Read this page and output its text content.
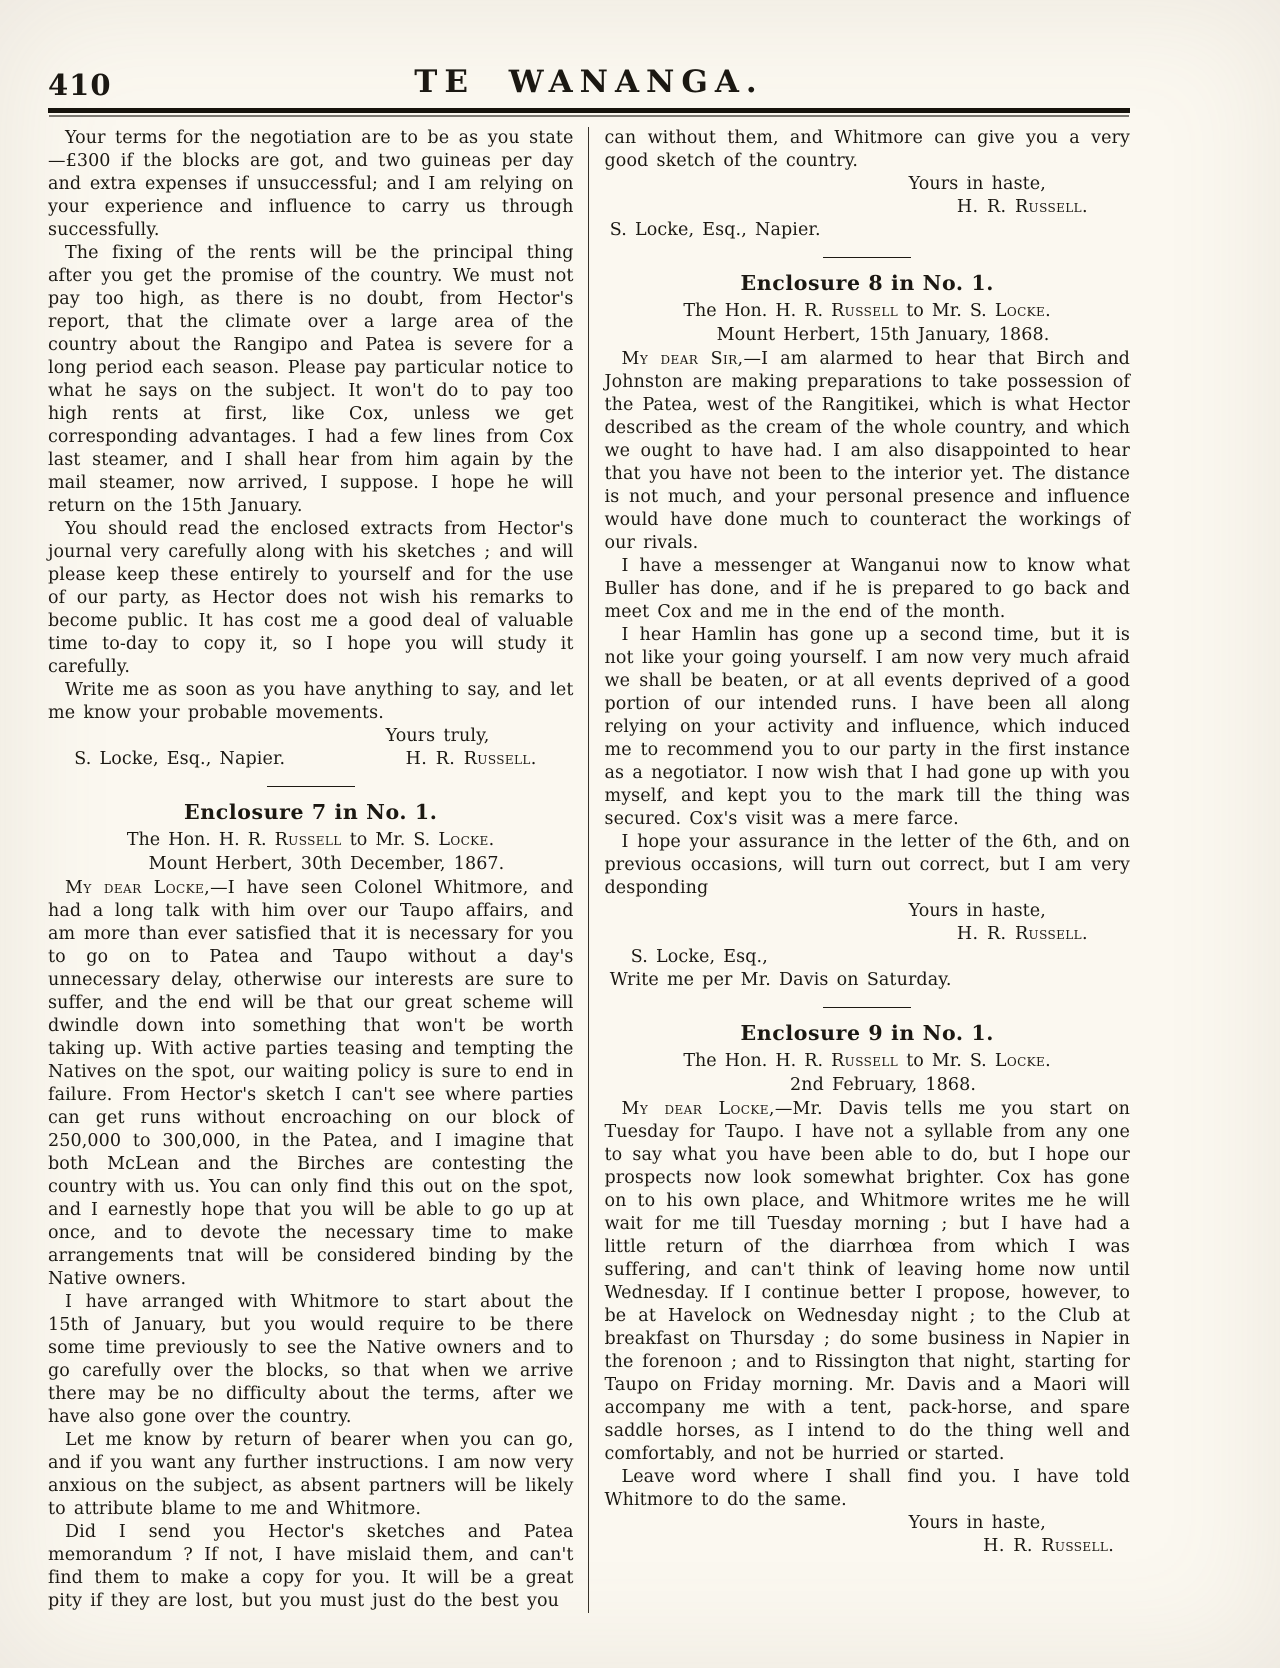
410	TE WANANGA.

Your terms for the negotiation are to be as you state—£300 if the blocks are got, and two guineas per day and extra expenses if unsuccessful; and I am relying on your experience and influence to carry us through successfully.

The fixing of the rents will be the principal thing after you get the promise of the country. We must not pay too high, as there is no doubt, from Hector's report, that the climate over a large area of the country about the Rangipo and Patea is severe for a long period each season. Please pay particular notice to what he says on the subject. It won't do to pay too high rents at first, like Cox, unless we get corresponding advantages. I had a few lines from Cox last steamer, and I shall hear from him again by the mail steamer, now arrived, I suppose. I hope he will return on the 15th January.

You should read the enclosed extracts from Hector's journal very carefully along with his sketches ; and will please keep these entirely to yourself and for the use of our party, as Hector does not wish his remarks to become public. It has cost me a good deal of valuable time to-day to copy it, so I hope you will study it carefully.

Write me as soon as you have anything to say, and let me know your probable movements.

Yours truly,

S. Locke, Esq., Napier.	H. R. Russell.
Enclosure 7 in No. 1.

The Hon. H. R. Russell to Mr. S. Locke.

Mount Herbert, 30th December, 1867.

My dear Locke,—I have seen Colonel Whitmore, and had a long talk with him over our Taupo affairs, and am more than ever satisfied that it is necessary for you to go on to Patea and Taupo without a day's unnecessary delay, otherwise our interests are sure to suffer, and the end will be that our great scheme will dwindle down into something that won't be worth taking up. With active parties teasing and tempting the Natives on the spot, our waiting policy is sure to end in failure. From Hector's sketch I can't see where parties can get runs without encroaching on our block of 250,000 to 300,000, in the Patea, and I imagine that both McLean and the Birches are contesting the country with us. You can only find this out on the spot, and I earnestly hope that you will be able to go up at once, and to devote the necessary time to make arrangements tnat will be considered binding by the Native owners.

I have arranged with Whitmore to start about the 15th of January, but you would require to be there some time previously to see the Native owners and to go carefully over the blocks, so that when we arrive there may be no difficulty about the terms, after we have also gone over the country.

Let me know by return of bearer when you can go, and if you want any further instructions. I am now very anxious on the subject, as absent partners will be likely to attribute blame to me and Whitmore.

Did I send you Hector's sketches and Patea memorandum ? If not, I have mislaid them, and can't find them to make a copy for you. It will be a great pity if they are lost, but you must just do the best you

can without them, and Whitmore can give you a very good sketch of the country.

Yours in haste,

H. R. Russell.

S. Locke, Esq., Napier.

Enclosure 8 in No. 1.

The Hon. H. R. Russell to Mr. S. Locke.

Mount Herbert, 15th January, 1868.

My dear Sir,—I am alarmed to hear that Birch and Johnston are making preparations to take possession of the Patea, west of the Rangitikei, which is what Hector described as the cream of the whole country, and which we ought to have had. I am also disappointed to hear that you have not been to the interior yet. The distance is not much, and your personal presence and influence would have done much to counteract the workings of our rivals.

I have a messenger at Wanganui now to know what Buller has done, and if he is prepared to go back and meet Cox and me in the end of the month.

I hear Hamlin has gone up a second time, but it is not like your going yourself. I am now very much afraid we shall be beaten, or at all events deprived of a good portion of our intended runs. I have been all along relying on your activity and influence, which induced me to recommend you to our party in the first instance as a negotiator. I now wish that I had gone up with you myself, and kept you to the mark till the thing was secured. Cox's visit was a mere farce.

I hope your assurance in the letter of the 6th, and on previous occasions, will turn out correct, but I am very desponding

Yours in haste,

H. R. Russell.

S. Locke, Esq.,

Write me per Mr. Davis on Saturday.

Enclosure 9 in No. 1.

The Hon. H. R. Russell to Mr. S. Locke.

2nd February, 1868.

My dear Locke,—Mr. Davis tells me you start on Tuesday for Taupo. I have not a syllable from any one to say what you have been able to do, but I hope our prospects now look somewhat brighter. Cox has gone on to his own place, and Whitmore writes me he will wait for me till Tuesday morning ; but I have had a little return of the diarrhœa from which I was suffering, and can't think of leaving home now until Wednesday. If I continue better I propose, however, to be at Havelock on Wednesday night ; to the Club at breakfast on Thursday ; do some business in Napier in the forenoon ; and to Rissington that night, starting for Taupo on Friday morning. Mr. Davis and a Maori will accompany me with a tent, pack-horse, and spare saddle horses, as I intend to do the thing well and comfortably, and not be hurried or started.

Leave word where I shall find you. I have told Whitmore to do the same.

Yours in haste,

H. R. Russell.
